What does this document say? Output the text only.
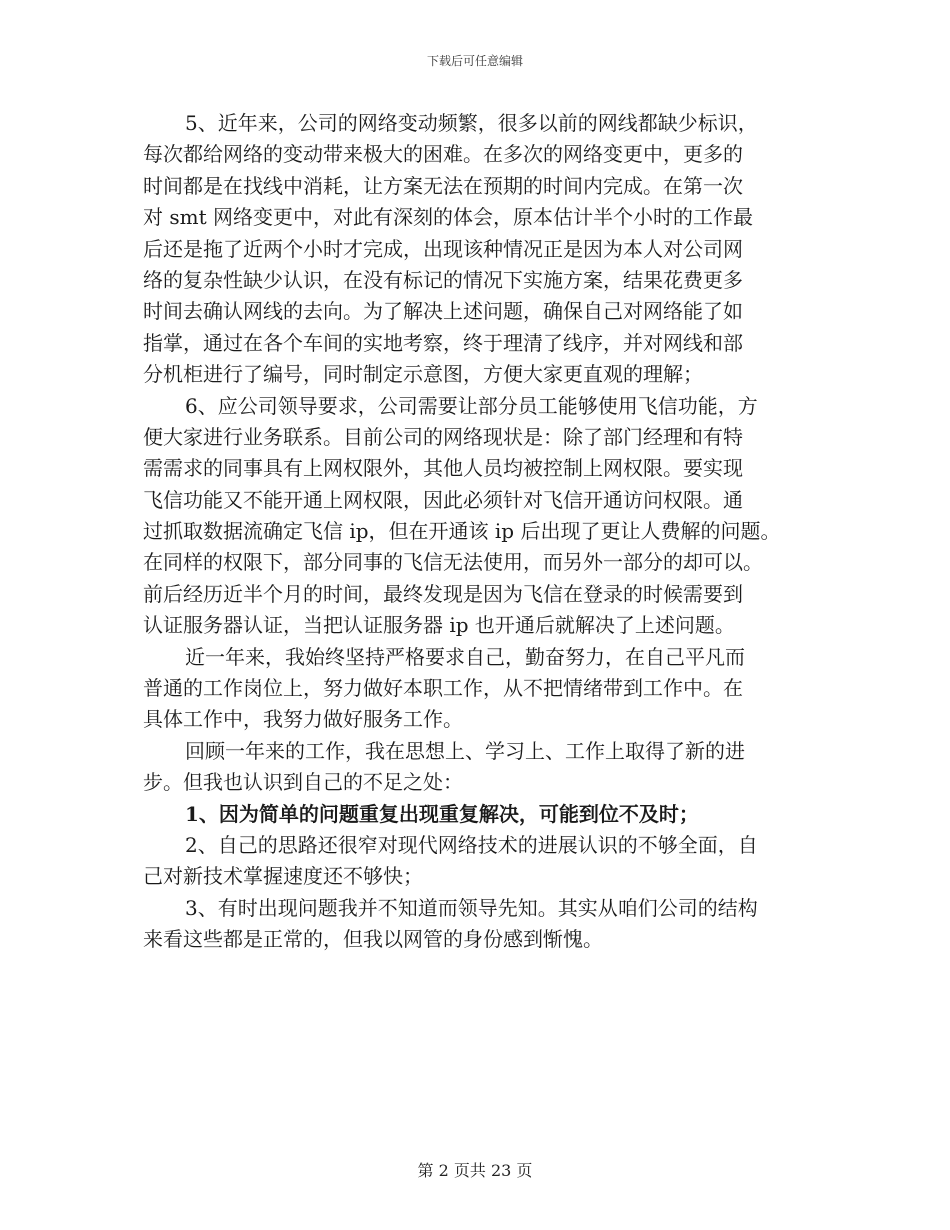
下载后可任意编辑
5、近年来，公司的网络变动频繁，很多以前的网线都缺少标识，
每次都给网络的变动带来极大的困难。在多次的网络变更中，更多的
时间都是在找线中消耗，让方案无法在预期的时间内完成。在第一次
对 smt 网络变更中，对此有深刻的体会，原本估计半个小时的工作最
后还是拖了近两个小时才完成，出现该种情况正是因为本人对公司网
络的复杂性缺少认识，在没有标记的情况下实施方案，结果花费更多
时间去确认网线的去向。为了解决上述问题，确保自己对网络能了如
指掌，通过在各个车间的实地考察，终于理清了线序，并对网线和部
分机柜进行了编号，同时制定示意图，方便大家更直观的理解；
6、应公司领导要求，公司需要让部分员工能够使用飞信功能，方
便大家进行业务联系。目前公司的网络现状是：除了部门经理和有特
需需求的同事具有上网权限外，其他人员均被控制上网权限。要实现
飞信功能又不能开通上网权限，因此必须针对飞信开通访问权限。通
过抓取数据流确定飞信 ip，但在开通该 ip 后出现了更让人费解的问题。
在同样的权限下，部分同事的飞信无法使用，而另外一部分的却可以。
前后经历近半个月的时间，最终发现是因为飞信在登录的时候需要到
认证服务器认证，当把认证服务器 ip 也开通后就解决了上述问题。
近一年来，我始终坚持严格要求自己，勤奋努力，在自己平凡而
普通的工作岗位上，努力做好本职工作，从不把情绪带到工作中。在
具体工作中，我努力做好服务工作。
回顾一年来的工作，我在思想上、学习上、工作上取得了新的进
步。但我也认识到自己的不足之处：
1、因为简单的问题重复出现重复解决，可能到位不及时；
2、自己的思路还很窄对现代网络技术的进展认识的不够全面，自
己对新技术掌握速度还不够快；
3、有时出现问题我并不知道而领导先知。其实从咱们公司的结构
来看这些都是正常的，但我以网管的身份感到惭愧。
第 2 页共 23 页
